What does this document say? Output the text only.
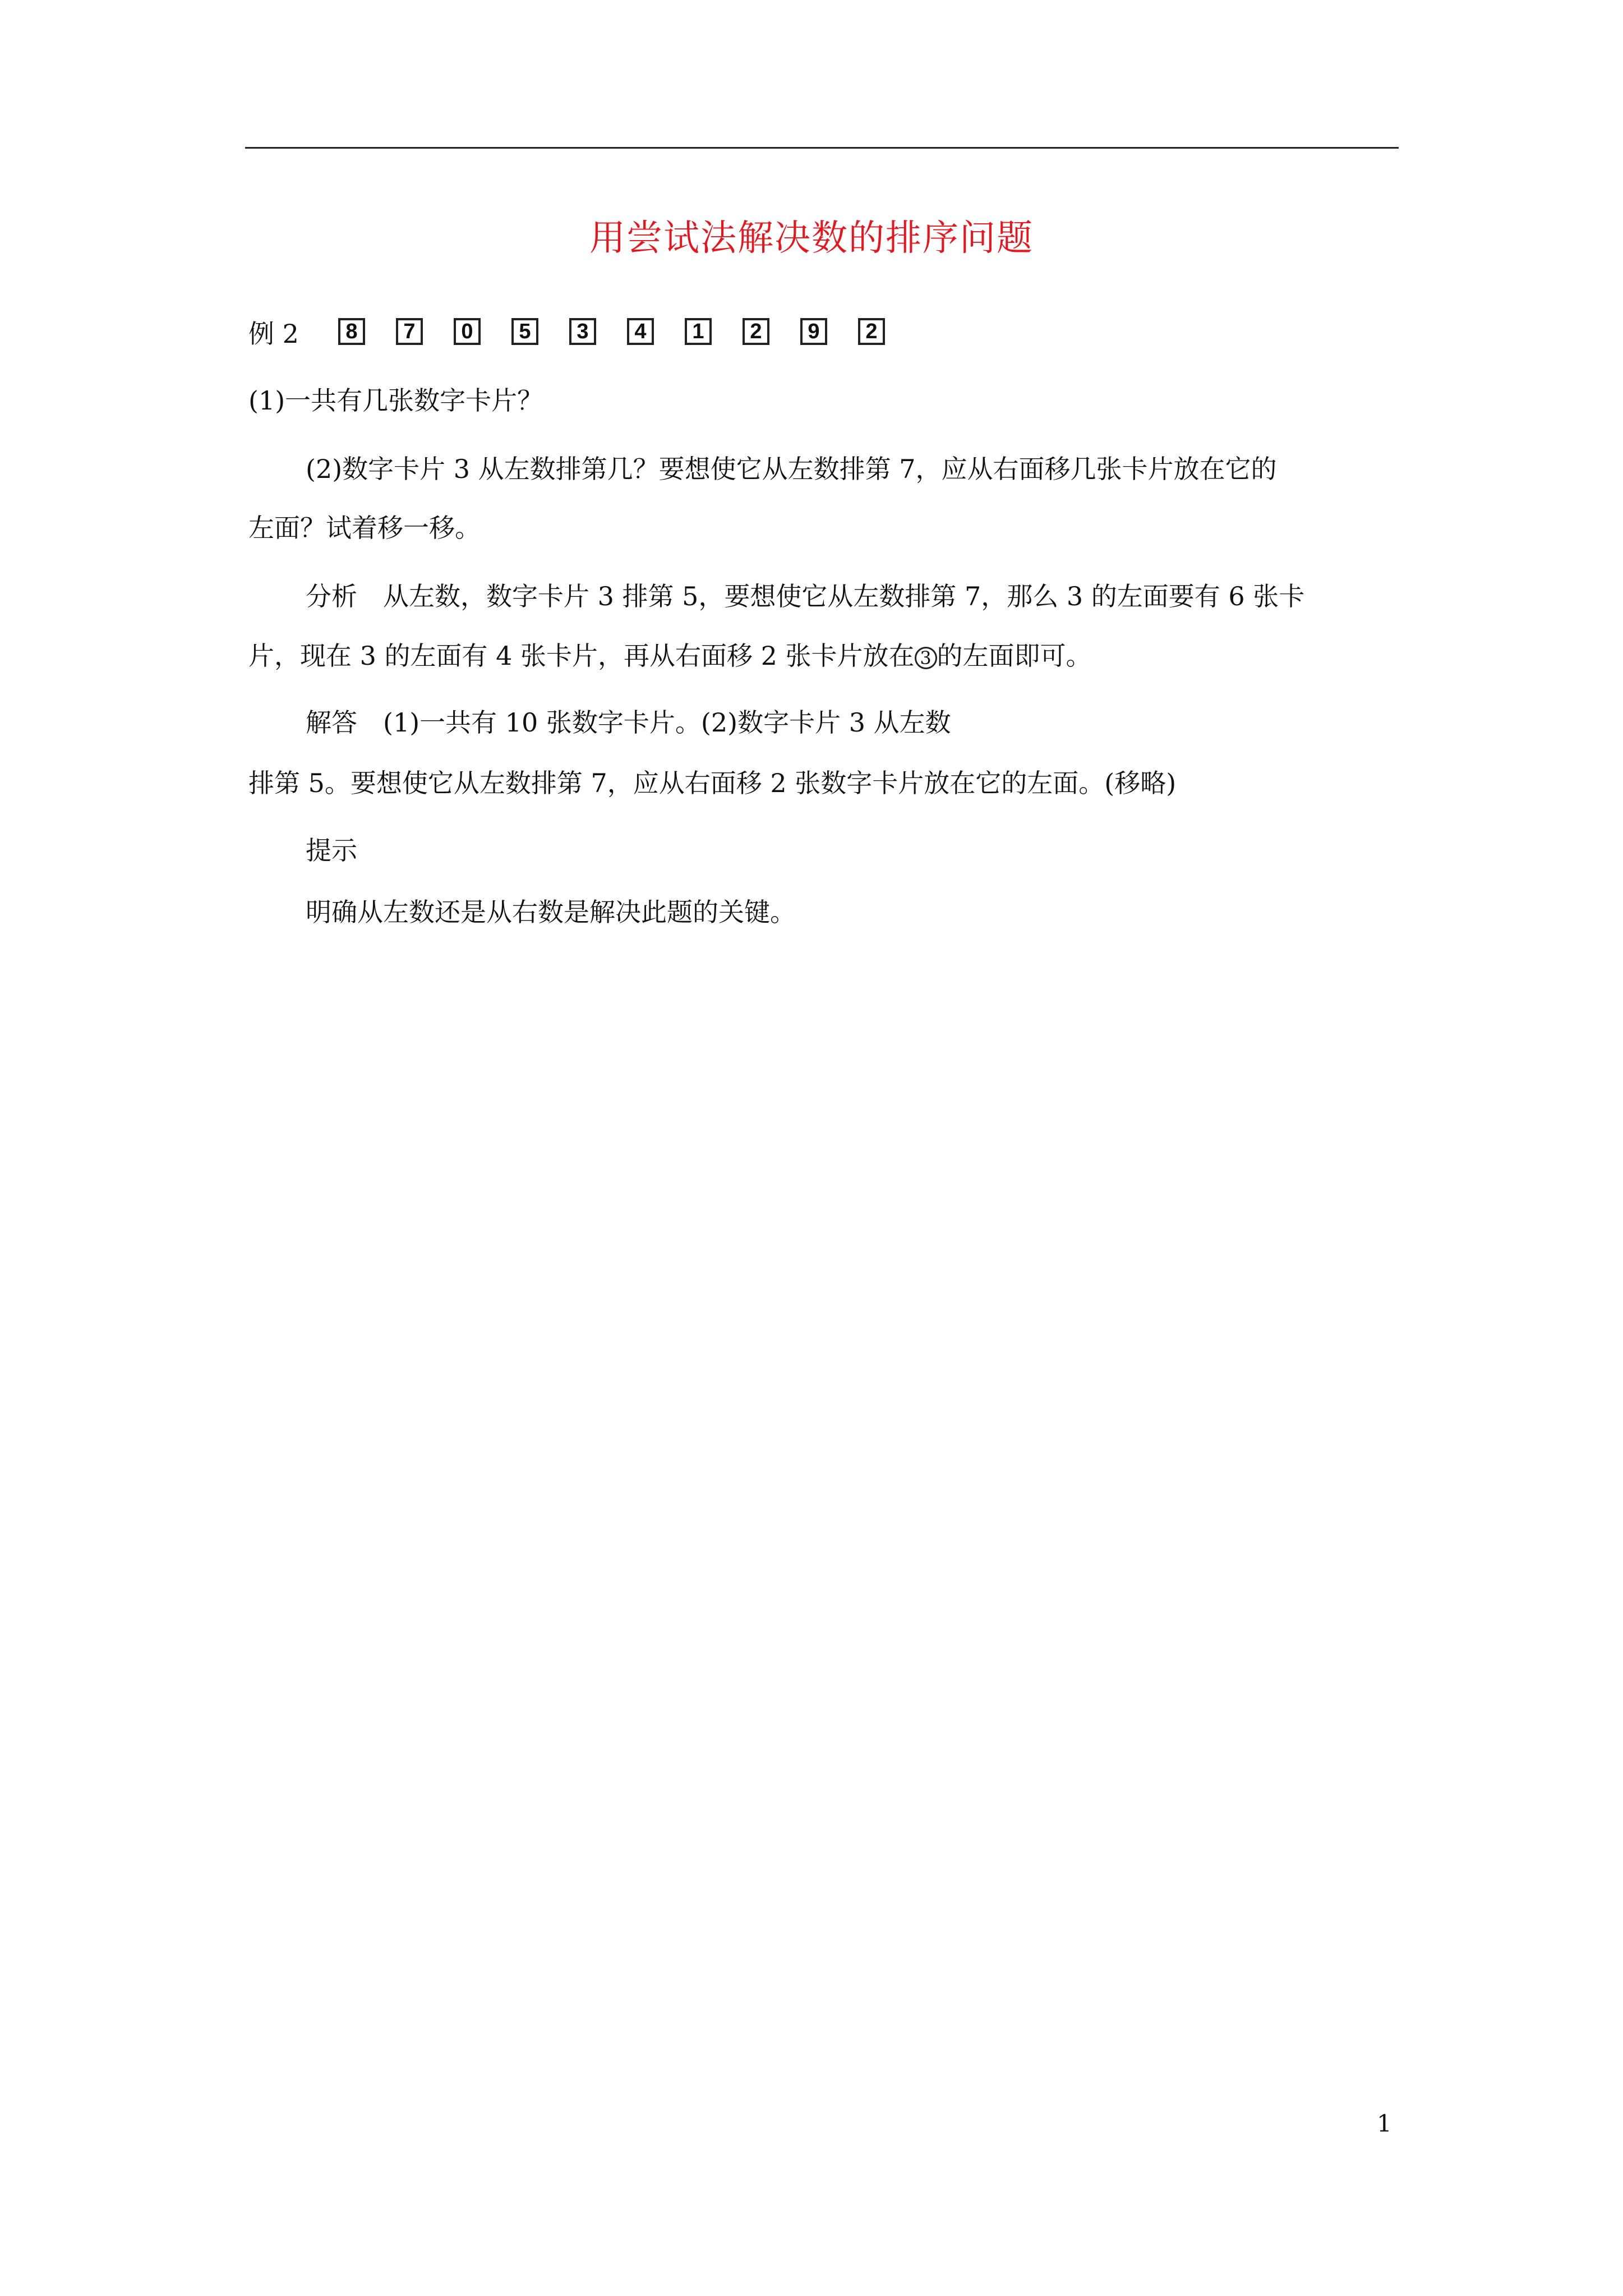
用尝试法解决数的排序问题
例 2	8	7	0	5	3	4	1	2	9	2
(1)一共有几张数字卡片？
(2)数字卡片 3 从左数排第几？要想使它从左数排第 7，应从右面移几张卡片放在它的
左面？试着移一移。
分析　从左数，数字卡片 3 排第 5，要想使它从左数排第 7，那么 3 的左面要有 6 张卡
片，现在 3 的左面有 4 张卡片，再从右面移 2 张卡片放在 3 的左面即可。
解答　(1)一共有 10 张数字卡片。(2)数字卡片 3 从左数
排第 5。要想使它从左数排第 7，应从右面移 2 张数字卡片放在它的左面。(移略)
提示
明确从左数还是从右数是解决此题的关键。
1
